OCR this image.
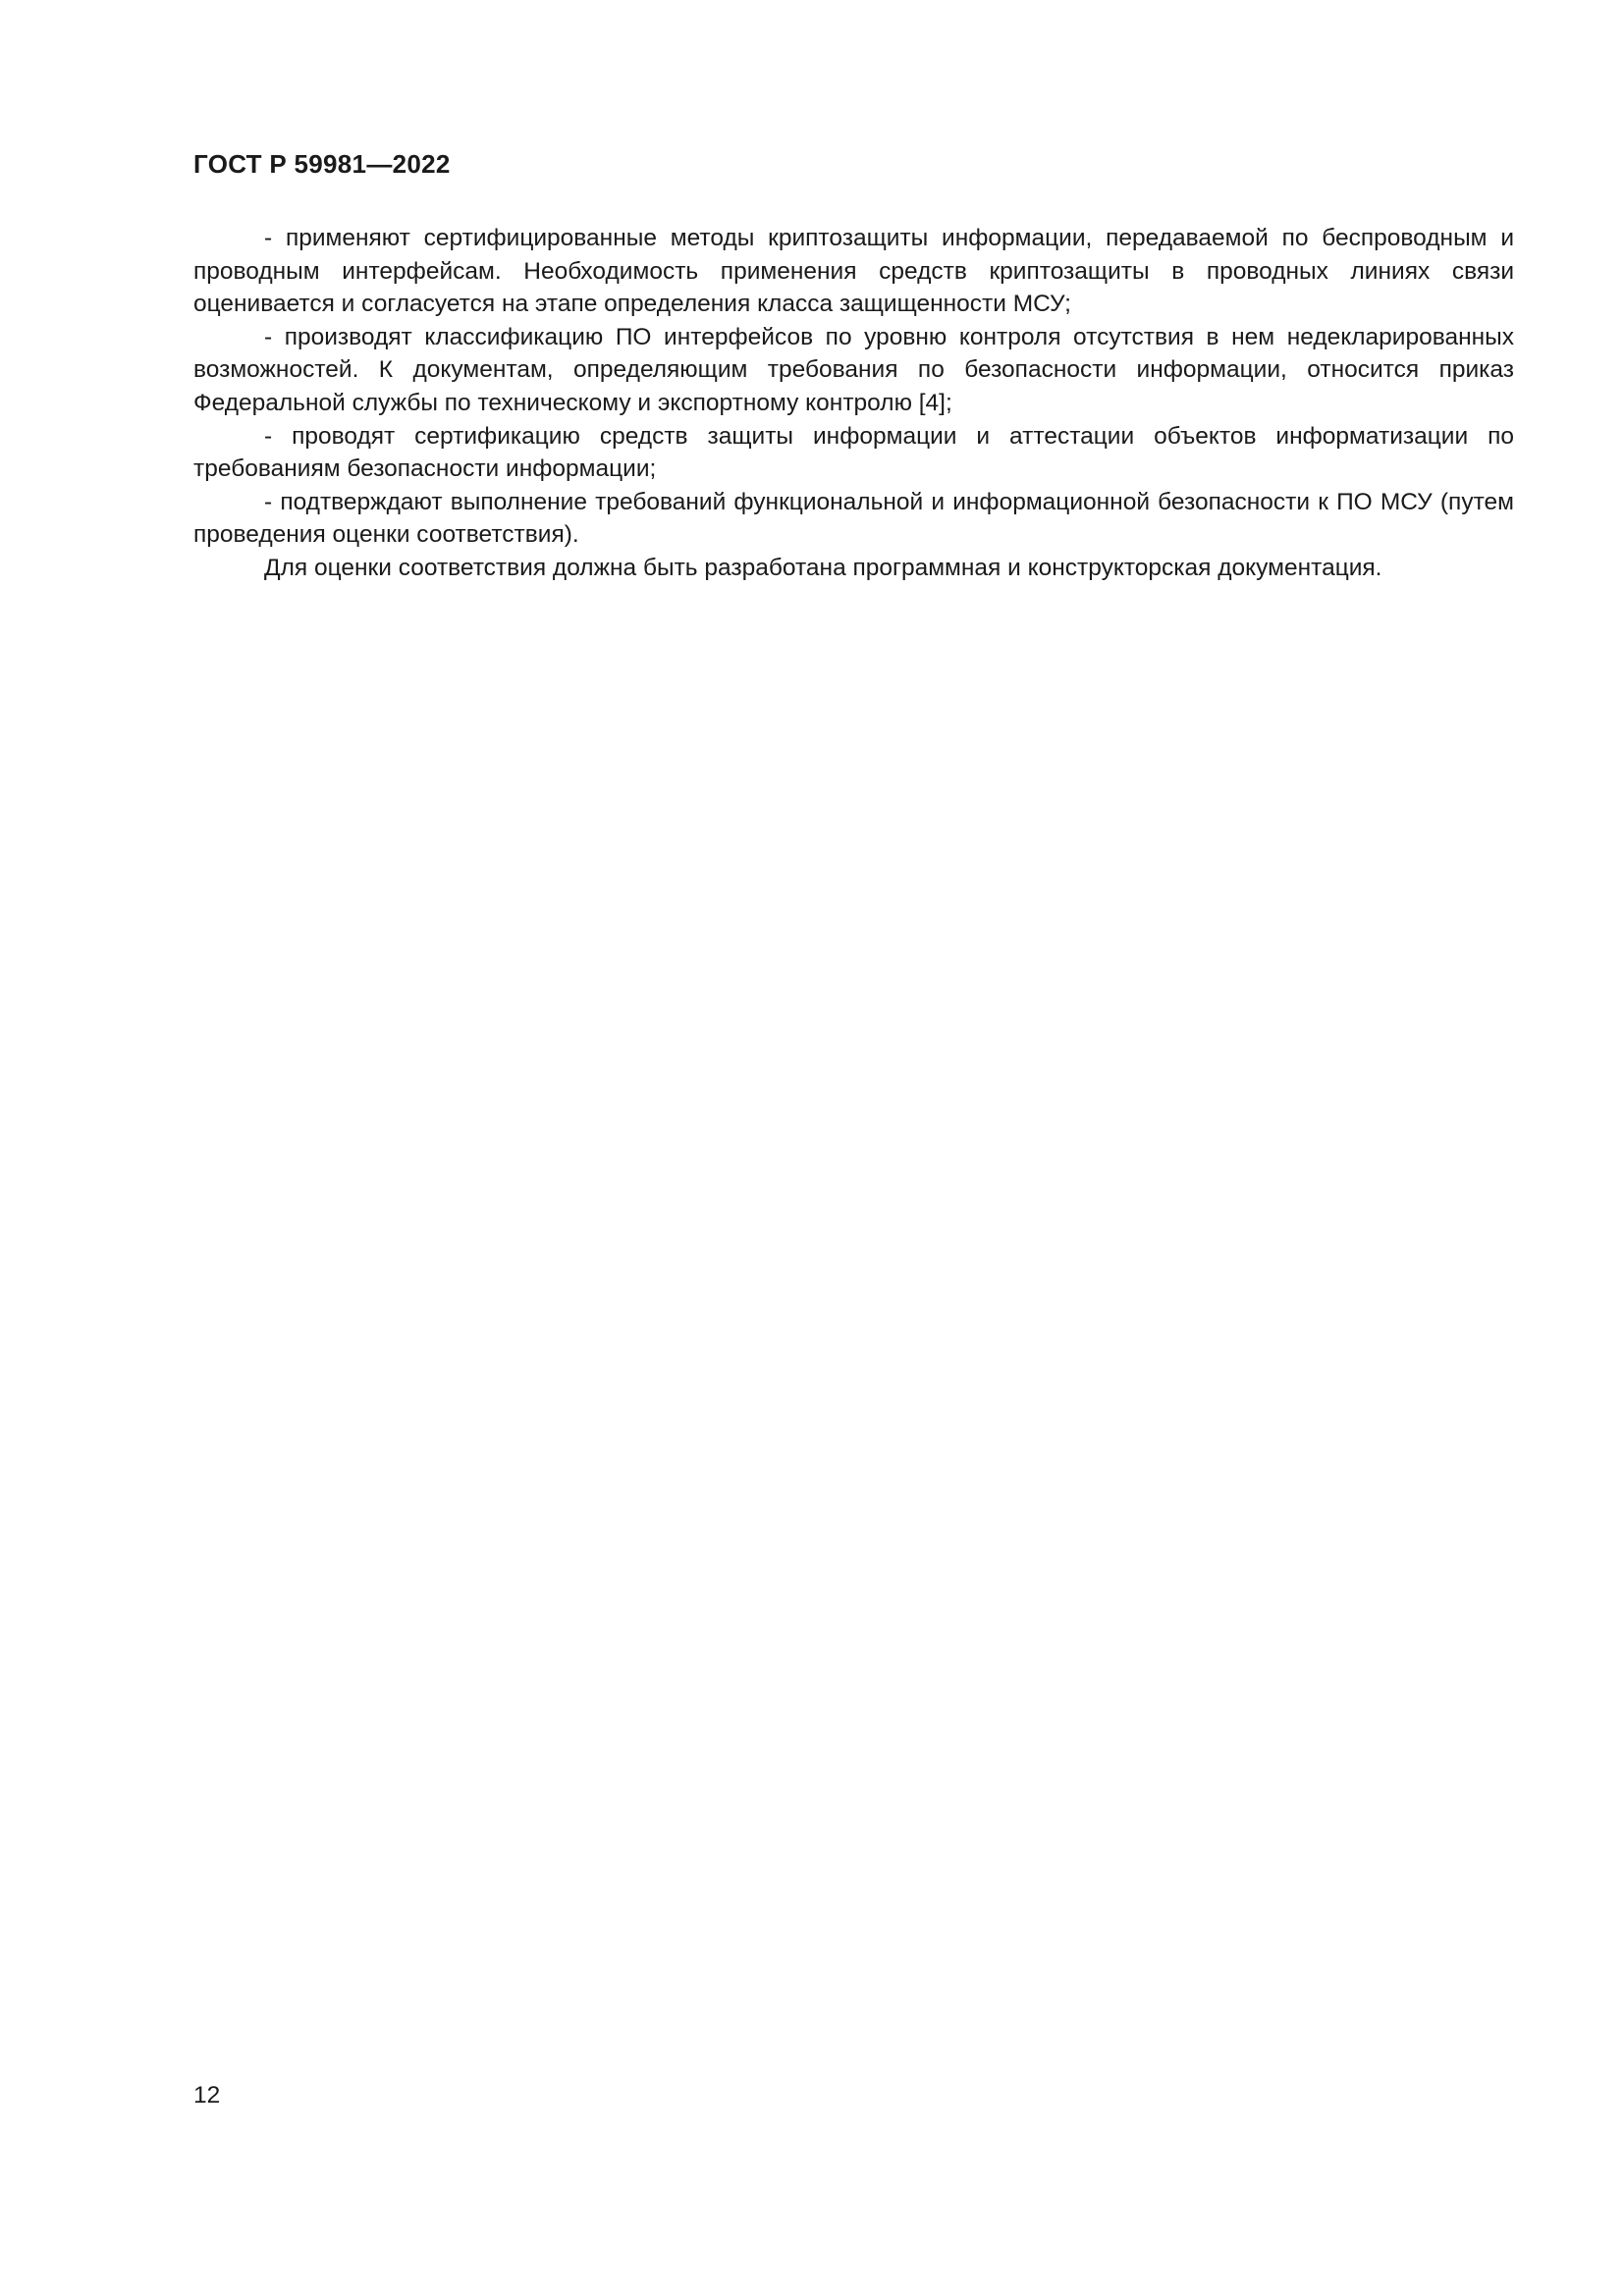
ГОСТ Р 59981—2022

- применяют сертифицированные методы криптозащиты информации, передаваемой по беспроводным и проводным интерфейсам. Необходимость применения средств криптозащиты в проводных линиях связи оценивается и согласуется на этапе определения класса защищенности МСУ;

- производят классификацию ПО интерфейсов по уровню контроля отсутствия в нем недекларированных возможностей. К документам, определяющим требования по безопасности информации, относится приказ Федеральной службы по техническому и экспортному контролю [4];

- проводят сертификацию средств защиты информации и аттестации объектов информатизации по требованиям безопасности информации;

- подтверждают выполнение требований функциональной и информационной безопасности к ПО МСУ (путем проведения оценки соответствия).

Для оценки соответствия должна быть разработана программная и конструкторская документация.

12
